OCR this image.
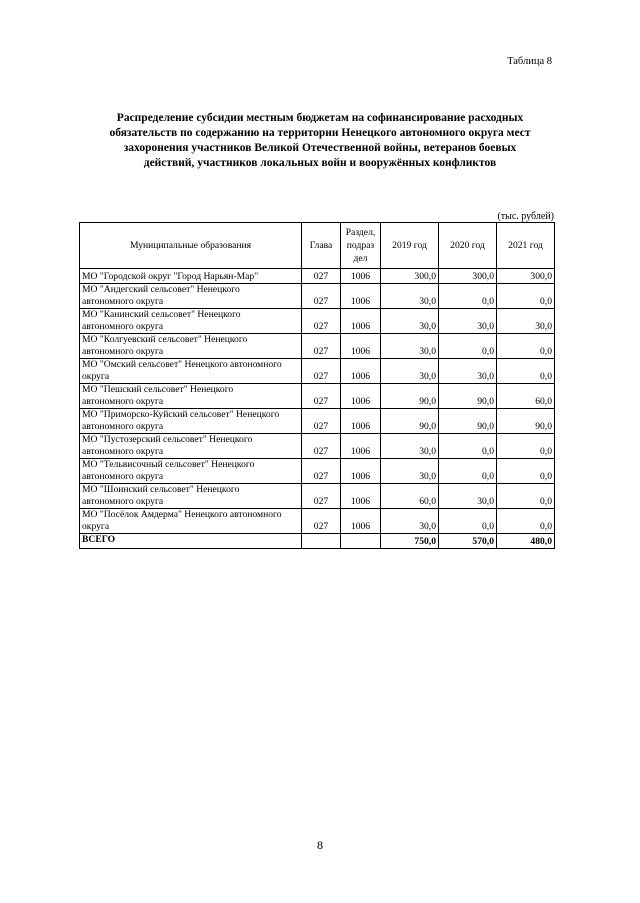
Таблица 8
Распределение субсидии местным бюджетам на софинансирование расходных
обязательств по содержанию на территории Ненецкого автономного округа мест
захоронения участников Великой Отечественной войны, ветеранов боевых
действий, участников локальных войн и вооружённых конфликтов
(тыс. рублей)
Муниципальные образования	Глава	Раздел,
подраз
дел	2019 год	2020 год	2021 год

МО "Городской округ "Город Нарьян-Мар"	027	1006	300,0	300,0	300,0

МО "Андегский сельсовет" Ненецкого
автономного округа	027	1006	30,0	0,0	0,0

МО "Канинский сельсовет" Ненецкого
автономного округа	027	1006	30,0	30,0	30,0

МО "Колгуевский сельсовет" Ненецкого
автономного округа	027	1006	30,0	0,0	0,0

МО "Омский сельсовет" Ненецкого автономного
округа	027	1006	30,0	30,0	0,0

МО "Пешский сельсовет" Ненецкого
автономного округа	027	1006	90,0	90,0	60,0

МО "Приморско-Куйский сельсовет" Ненецкого
автономного округа	027	1006	90,0	90,0	90,0

МО "Пустозерский сельсовет" Ненецкого
автономного округа	027	1006	30,0	0,0	0,0

МО "Тельвисочный сельсовет" Ненецкого
автономного округа	027	1006	30,0	0,0	0,0

МО "Шоинский сельсовет" Ненецкого
автономного округа	027	1006	60,0	30,0	0,0

МО "Посёлок Амдерма" Ненецкого автономного
округа	027	1006	30,0	0,0	0,0
ВСЕГО			750,0	570,0	480,0
8
